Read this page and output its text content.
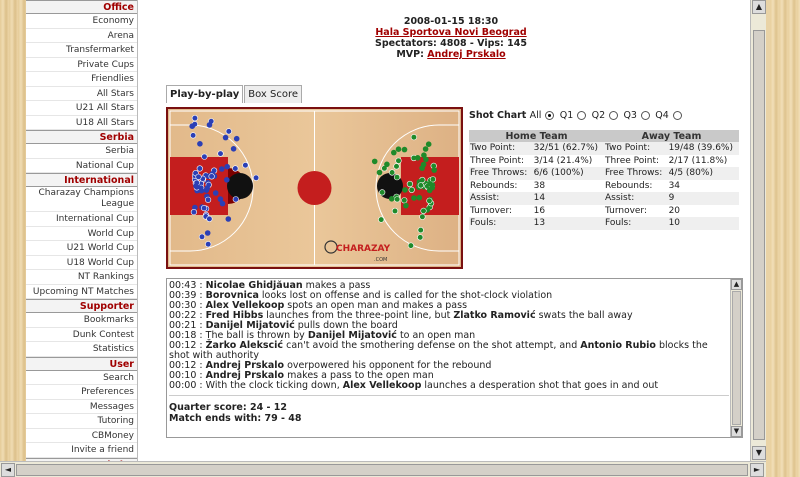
Office
Economy
Arena
Transfermarket
Private Cups
Friendlies
All Stars
U21 All Stars
U18 All Stars
Serbia
Serbia
National Cup
International
Charazay Champions League
International Cup
World Cup
U21 World Cup
U18 World Cup
NT Rankings
Upcoming NT Matches
Supporter
Bookmarks
Dunk Contest
Statistics
User
Search
Preferences
Messages
Tutoring
CBMoney
Invite a friend
2008-01-15 18:30
Hala Sportova Novi Beograd
Spectators: 4808 - Vips: 145
MVP: Andrej Prskalo
Play-by-play Box Score
CHARAZAY
.COM
Shot Chart All Q1 Q2 Q3 Q4
Home Team		Away Team	
Two Point:	32/51 (62.7%)	Two Point:	19/48 (39.6%)
Three Point:	3/14 (21.4%)	Three Point:	2/17 (11.8%)
Free Throws:	6/6 (100%)	Free Throws:	4/5 (80%)
Rebounds:	38	Rebounds:	34
Assist:	14	Assist:	9
Turnover:	16	Turnover:	20
Fouls:	13	Fouls:	10
00:43 : Nicolae Ghidjăuan makes a pass
00:39 : Borovnica looks lost on offense and is called for the shot-clock violation
00:30 : Alex Vellekoop spots an open man and makes a pass
00:22 : Fred Hibbs launches from the three-point line, but Zlatko Ramović swats the ball away
00:21 : Danijel Mijatović pulls down the board
00:18 : The ball is thrown by Danijel Mijatović to an open man
00:12 : Žarko Alekscić can't avoid the smothering defense on the shot attempt, and Antonio Rubio blocks the shot with authority
00:12 : Andrej Prskalo overpowered his opponent for the rebound
00:10 : Andrej Prskalo makes a pass to the open man
00:00 : With the clock ticking down, Alex Vellekoop launches a desperation shot that goes in and out
Quarter score: 24 - 12
Match ends with: 79 - 48
▲
▼
▲
▼
◄	►
